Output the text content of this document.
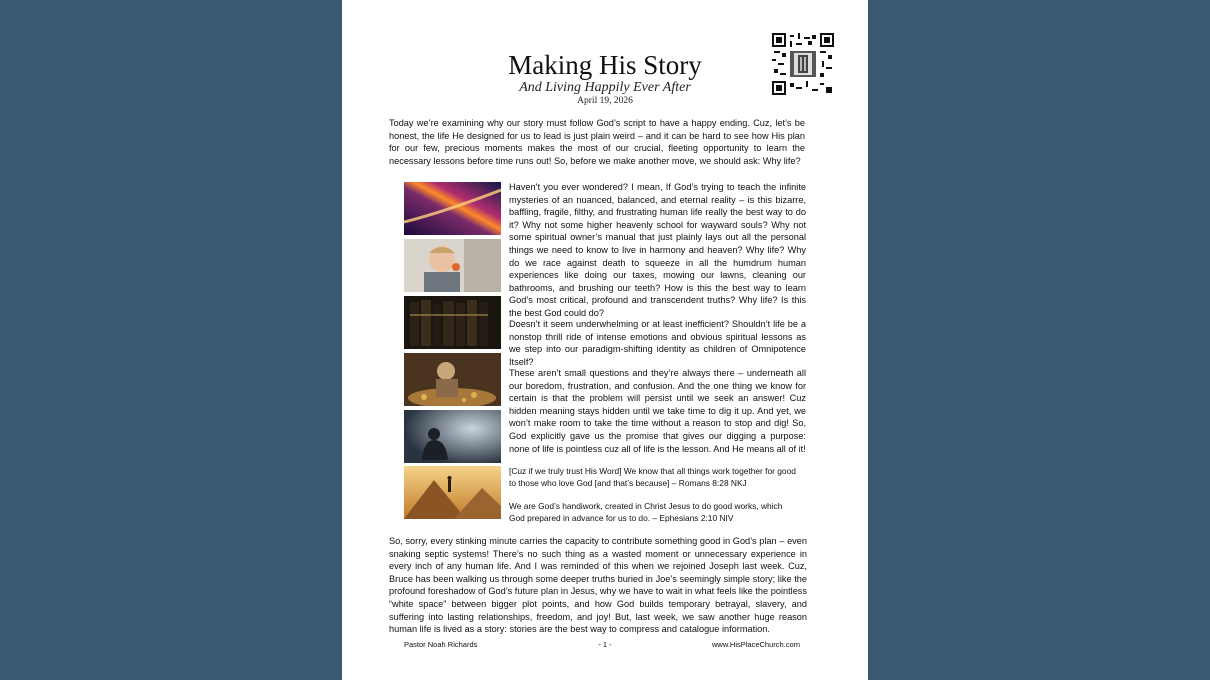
Making His Story
And Living Happily Ever After
April 19, 2026
Today we’re examining why our story must follow God’s script to have a happy ending. Cuz, let’s be honest, the life He designed for us to lead is just plain weird – and it can be hard to see how His plan for our few, precious moments makes the most of our crucial, fleeting opportunity to learn the necessary lessons before time runs out! So, before we make another move, we should ask: Why life?
Haven’t you ever wondered? I mean, If God’s trying to teach the infinite mysteries of an nuanced, balanced, and eternal reality – is this bizarre, baffling, fragile, filthy, and frustrating human life really the best way to do it? Why not some higher heavenly school for wayward souls? Why not some spiritual owner’s manual that just plainly lays out all the personal things we need to know to live in harmony and heaven? Why life? Why do we race against death to squeeze in all the humdrum human experiences like doing our taxes, mowing our lawns, cleaning our bathrooms, and brushing our teeth? How is this the best way to learn God’s most critical, profound and transcendent truths? Why life? Is this the best God could do?
Doesn’t it seem underwhelming or at least inefficient? Shouldn’t life be a nonstop thrill ride of intense emotions and obvious spiritual lessons as we step into our paradigm-shifting identity as children of Omnipotence Itself?
These aren’t small questions and they’re always there – underneath all our boredom, frustration, and confusion. And the one thing we know for certain is that the problem will persist until we seek an answer! Cuz hidden meaning stays hidden until we take time to dig it up. And yet, we won’t make room to take the time without a reason to stop and dig! So, God explicitly gave us the promise that gives our digging a purpose: none of life is pointless cuz all of life is the lesson. And He means all of it!
[Cuz if we truly trust His Word] We know that all things work together for good to those who love God [and that’s because] – Romans 8:28 NKJ
We are God’s handiwork, created in Christ Jesus to do good works, which God prepared in advance for us to do. – Ephesians 2:10 NIV
So, sorry, every stinking minute carries the capacity to contribute something good in God’s plan – even snaking septic systems! There’s no such thing as a wasted moment or unnecessary experience in every inch of any human life. And I was reminded of this when we rejoined Joseph last week. Cuz, Bruce has been walking us through some deeper truths buried in Joe’s seemingly simple story; like the profound foreshadow of God’s future plan in Jesus, why we have to wait in what feels like the pointless “white space” between bigger plot points, and how God builds temporary betrayal, slavery, and suffering into lasting relationships, freedom, and joy! But, last week, we saw another huge reason human life is lived as a story: stories are the best way to compress and catalogue information.
Pastor Noah Richards	- 1 -	www.HisPlaceChurch.com
